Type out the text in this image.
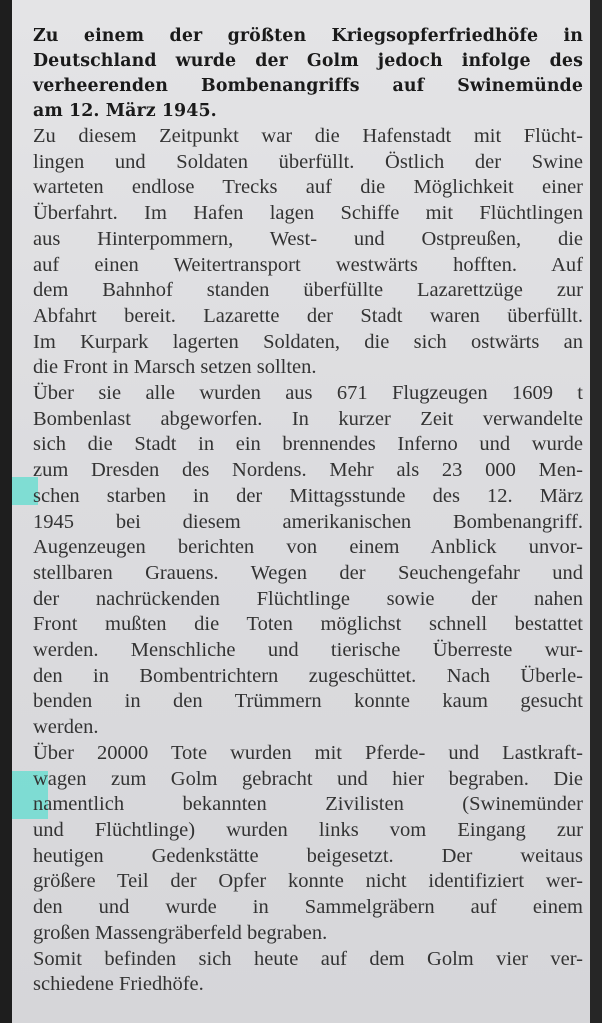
Zu einem der größten Kriegsopferfriedhöfe in
Deutschland wurde der Golm jedoch infolge des
verheerenden Bombenangriffs auf Swinemünde
am 12. März 1945.
Zu diesem Zeitpunkt war die Hafenstadt mit Flücht-
lingen und Soldaten überfüllt. Östlich der Swine
warteten endlose Trecks auf die Möglichkeit einer
Überfahrt. Im Hafen lagen Schiffe mit Flüchtlingen
aus Hinterpommern, West- und Ostpreußen, die
auf einen Weitertransport westwärts hofften. Auf
dem Bahnhof standen überfüllte Lazarettzüge zur
Abfahrt bereit. Lazarette der Stadt waren überfüllt.
Im Kurpark lagerten Soldaten, die sich ostwärts an
die Front in Marsch setzen sollten.
Über sie alle wurden aus 671 Flugzeugen 1609 t
Bombenlast abgeworfen. In kurzer Zeit verwandelte
sich die Stadt in ein brennendes Inferno und wurde
zum Dresden des Nordens. Mehr als 23 000 Men-
schen starben in der Mittagsstunde des 12. März
1945 bei diesem amerikanischen Bombenangriff.
Augenzeugen berichten von einem Anblick unvor-
stellbaren Grauens. Wegen der Seuchengefahr und
der nachrückenden Flüchtlinge sowie der nahen
Front mußten die Toten möglichst schnell bestattet
werden. Menschliche und tierische Überreste wur-
den in Bombentrichtern zugeschüttet. Nach Überle-
benden in den Trümmern konnte kaum gesucht
werden.
Über 20000 Tote wurden mit Pferde- und Lastkraft-
wagen zum Golm gebracht und hier begraben. Die
namentlich bekannten Zivilisten (Swinemünder
und Flüchtlinge) wurden links vom Eingang zur
heutigen Gedenkstätte beigesetzt. Der weitaus
größere Teil der Opfer konnte nicht identifiziert wer-
den und wurde in Sammelgräbern auf einem
großen Massengräberfeld begraben.
Somit befinden sich heute auf dem Golm vier ver-
schiedene Friedhöfe.
